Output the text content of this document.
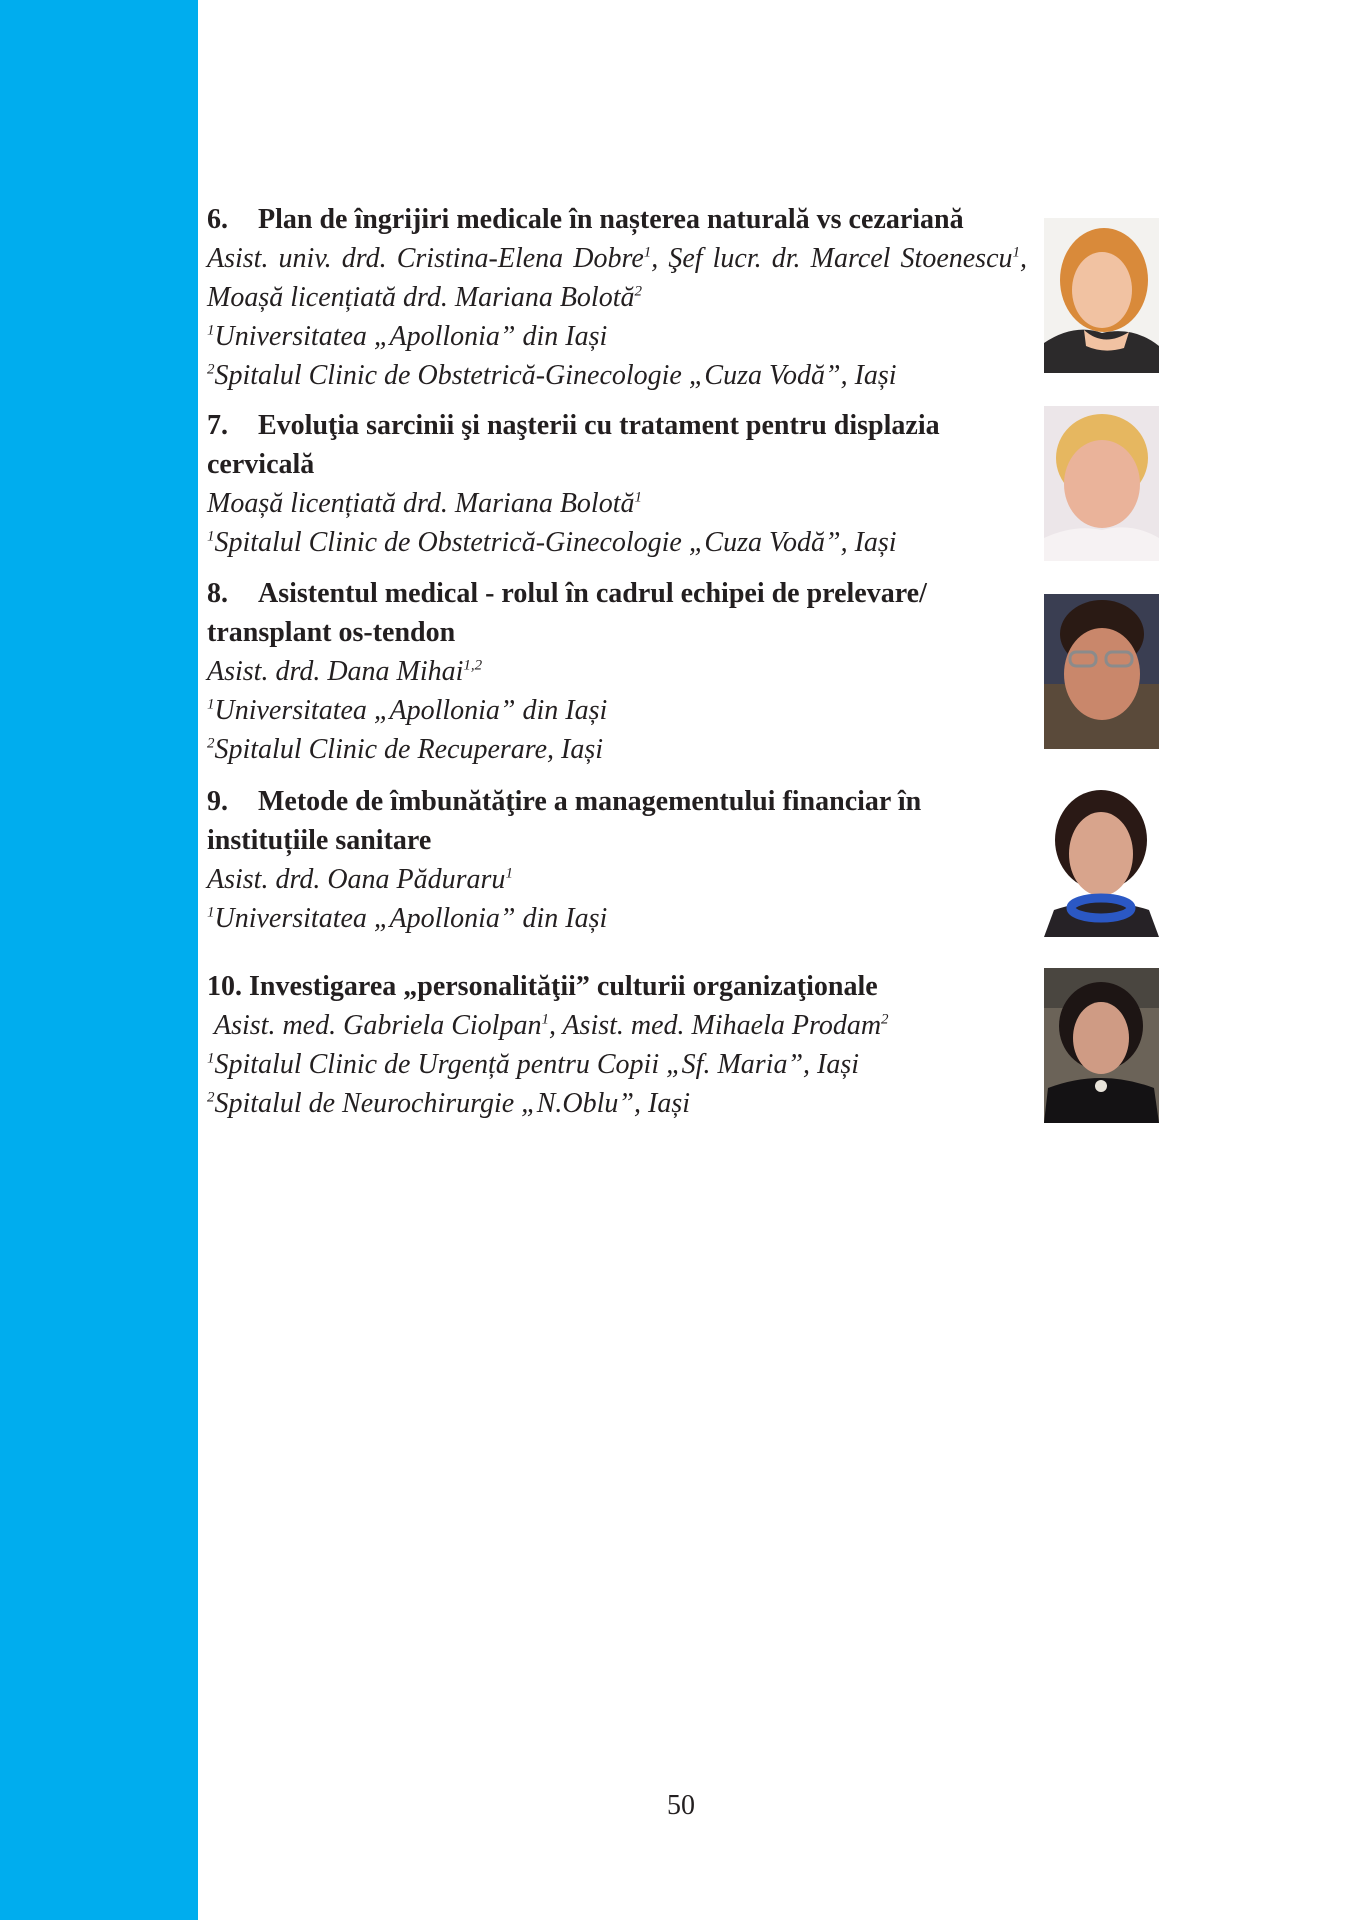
6. Plan de îngrijiri medicale în nașterea naturală vs cezariană

Asist. univ. drd. Cristina-Elena Dobre$^1$, Şef lucr. dr. Marcel Stoenescu$^1$, Moașă licențiată drd. Mariana Bolotă$^2$

$^1$Universitatea „Apollonia” din Iași

$^2$Spitalul Clinic de Obstetrică-Ginecologie „Cuza Vodă”, Iași

7. Evoluţia sarcinii şi naşterii cu tratament pentru displazia cervicală

Moașă licențiată drd. Mariana Bolotă$^1$

$^1$Spitalul Clinic de Obstetrică-Ginecologie „Cuza Vodă”, Iași

8. Asistentul medical - rolul în cadrul echipei de prelevare/ transplant os-tendon

Asist. drd. Dana Mihai$^{1,2}$

$^1$Universitatea „Apollonia” din Iași

$^2$Spitalul Clinic de Recuperare, Iași

9. Metode de îmbunătăţire a managementului financiar în instituțiile sanitare

Asist. drd. Oana Păduraru$^1$

$^1$Universitatea „Apollonia” din Iași

10. Investigarea „personalităţii” culturii organizaţionale

Asist. med. Gabriela Ciolpan$^1$, Asist. med. Mihaela Prodam$^2$

$^1$Spitalul Clinic de Urgență pentru Copii „Sf. Maria”, Iași

$^2$Spitalul de Neurochirurgie „N.Oblu”, Iași

50
